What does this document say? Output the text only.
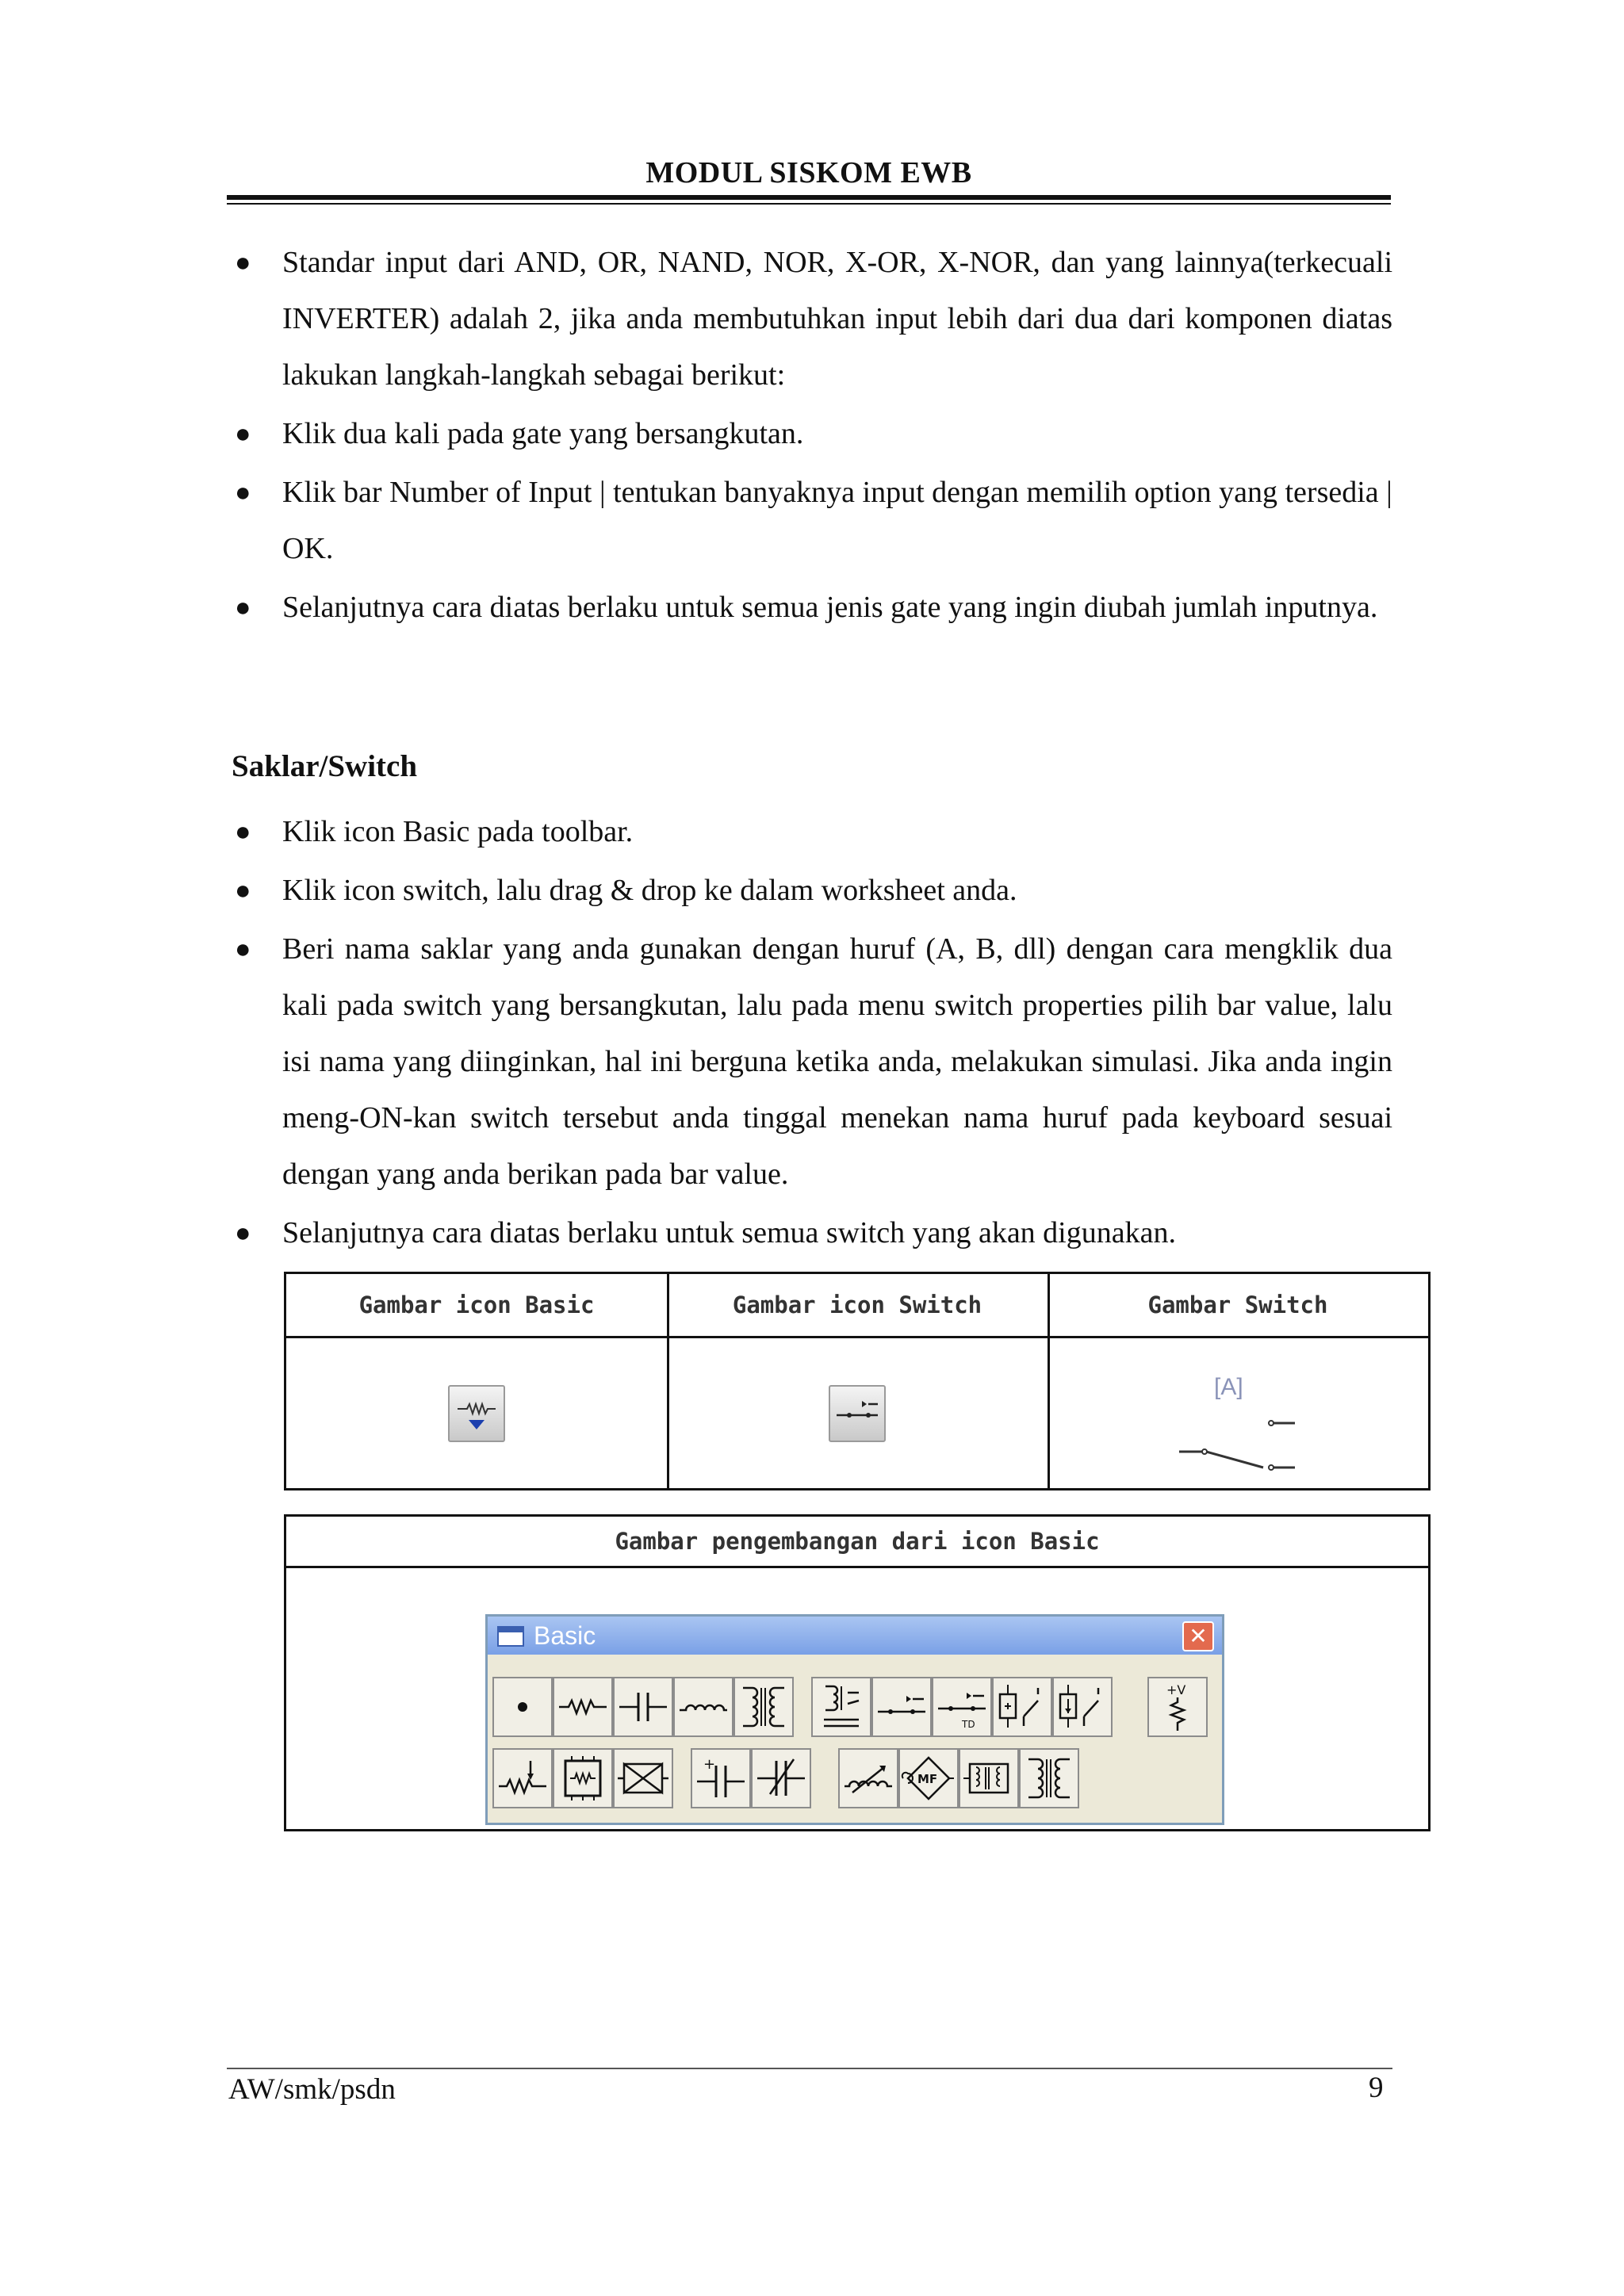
MODUL SISKOM EWB
● Standar input dari AND, OR, NAND, NOR, X-OR, X-NOR, dan yang lainnya(terkecuali INVERTER) adalah 2, jika anda membutuhkan input lebih dari dua dari komponen diatas lakukan langkah-langkah sebagai berikut:
● Klik dua kali pada gate yang bersangkutan.
● Klik bar Number of Input | tentukan banyaknya input dengan memilih option yang tersedia | OK.
● Selanjutnya cara diatas berlaku untuk semua jenis gate yang ingin diubah jumlah inputnya.
Saklar/Switch
● Klik icon Basic pada toolbar.
● Klik icon switch, lalu drag & drop ke dalam worksheet anda.
● Beri nama saklar yang anda gunakan dengan huruf (A, B, dll) dengan cara mengklik dua kali pada switch yang bersangkutan, lalu pada menu switch properties pilih bar value, lalu isi nama yang diinginkan, hal ini berguna ketika anda, melakukan simulasi. Jika anda ingin meng-ON-kan switch tersebut anda tinggal menekan nama huruf pada keyboard sesuai dengan yang anda berikan pada bar value.
● Selanjutnya cara diatas berlaku untuk semua switch yang akan digunakan.
Gambar icon Basic	Gambar icon Switch	Gambar Switch
[A]
Gambar pengembangan dari icon Basic
Basic	✕
TD
+V
+
MF
AW/smk/psdn	9
